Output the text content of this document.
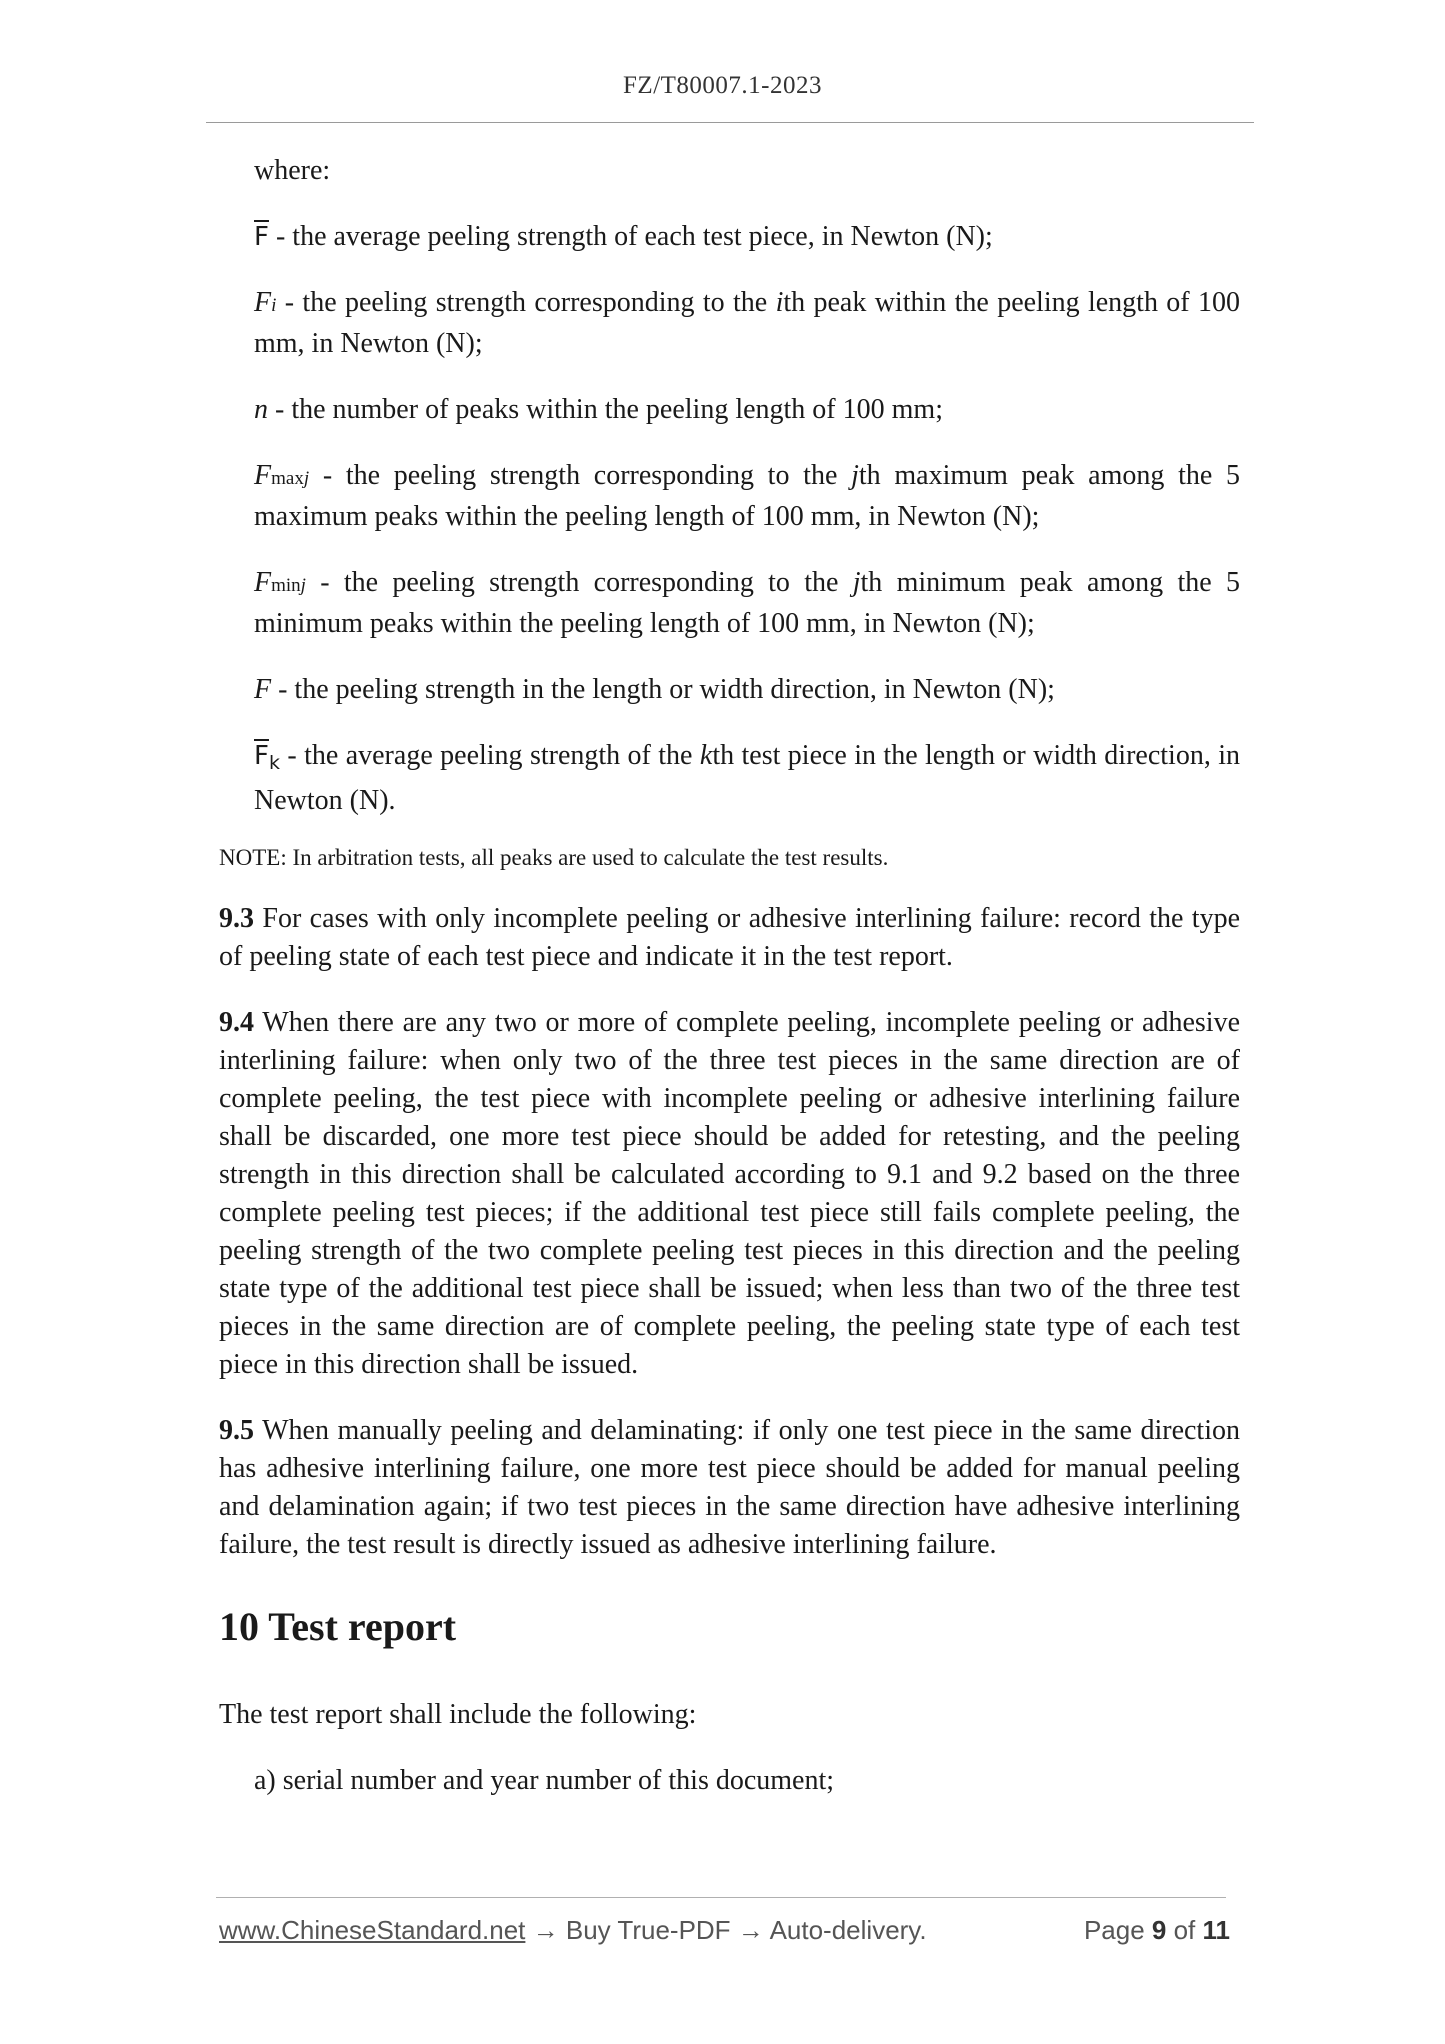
FZ/T80007.1-2023

where:

$\overline{F}$ - the average peeling strength of each test piece, in Newton (N);

Fi - the peeling strength corresponding to the ith peak within the peeling length of 100 mm, in Newton (N);

n - the number of peaks within the peeling length of 100 mm;

Fmaxj - the peeling strength corresponding to the jth maximum peak among the 5 maximum peaks within the peeling length of 100 mm, in Newton (N);

Fminj - the peeling strength corresponding to the jth minimum peak among the 5 minimum peaks within the peeling length of 100 mm, in Newton (N);

F - the peeling strength in the length or width direction, in Newton (N);

$\overline{F}k$ - the average peeling strength of the kth test piece in the length or width direction, in Newton (N).

NOTE: In arbitration tests, all peaks are used to calculate the test results.

9.3 For cases with only incomplete peeling or adhesive interlining failure: record the type of peeling state of each test piece and indicate it in the test report.

9.4 When there are any two or more of complete peeling, incomplete peeling or adhesive interlining failure: when only two of the three test pieces in the same direction are of complete peeling, the test piece with incomplete peeling or adhesive interlining failure shall be discarded, one more test piece should be added for retesting, and the peeling strength in this direction shall be calculated according to 9.1 and 9.2 based on the three complete peeling test pieces; if the additional test piece still fails complete peeling, the peeling strength of the two complete peeling test pieces in this direction and the peeling state type of the additional test piece shall be issued; when less than two of the three test pieces in the same direction are of complete peeling, the peeling state type of each test piece in this direction shall be issued.

9.5 When manually peeling and delaminating: if only one test piece in the same direction has adhesive interlining failure, one more test piece should be added for manual peeling and delamination again; if two test pieces in the same direction have adhesive interlining failure, the test result is directly issued as adhesive interlining failure.

10 Test report

The test report shall include the following:

a) serial number and year number of this document;

www.ChineseStandard.net → Buy True-PDF → Auto-delivery.	Page 9 of 11
